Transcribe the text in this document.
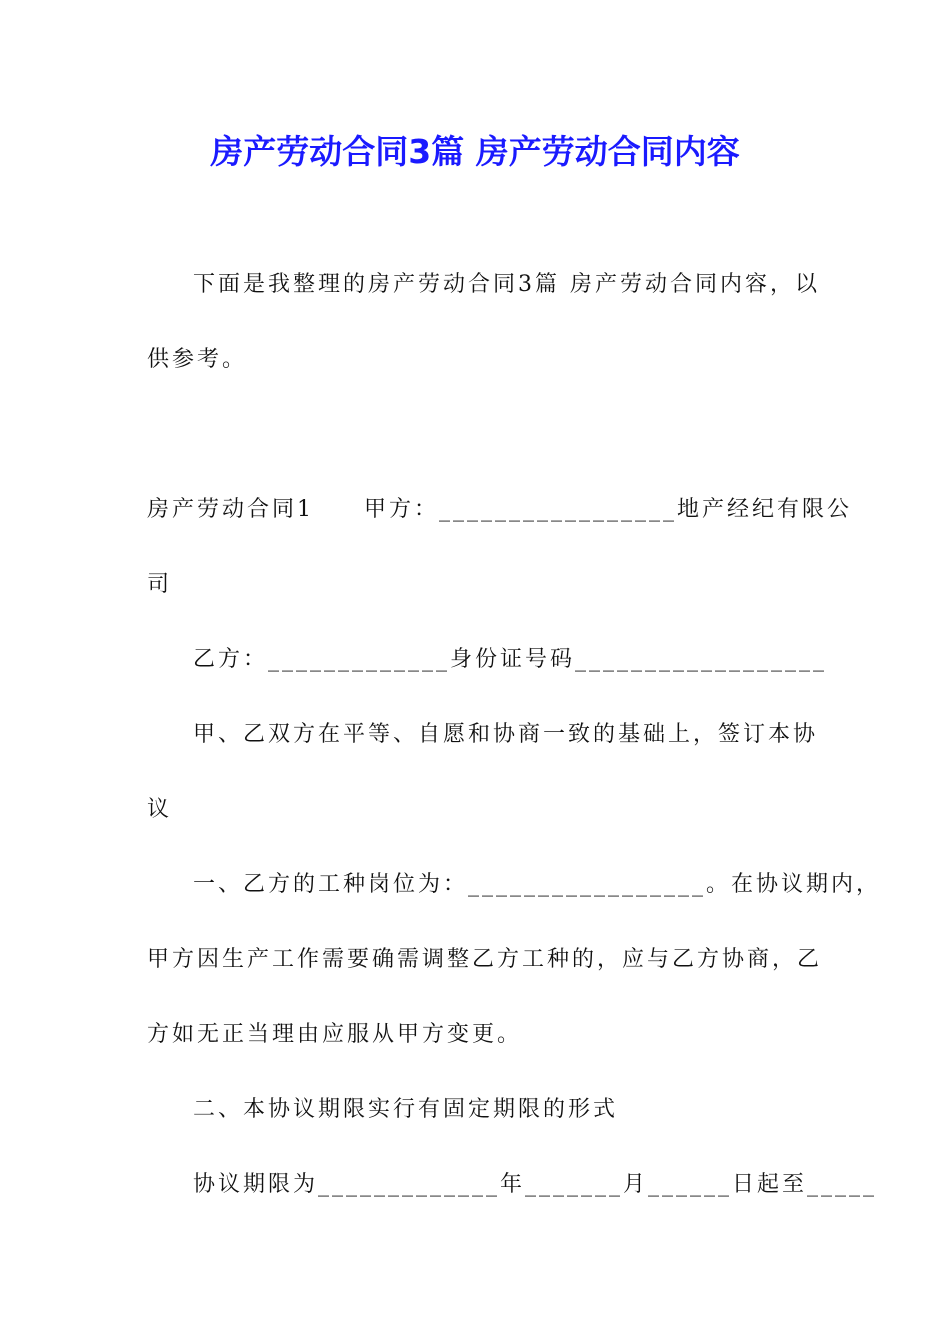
房产劳动合同3篇 房产劳动合同内容
下面是我整理的房产劳动合同3篇 房产劳动合同内容，以
供参考。
房产劳动合同1　　甲方：_________________地产经纪有限公
司
乙方：_____________身份证号码__________________
甲、乙双方在平等、自愿和协商一致的基础上，签订本协
议
一、乙方的工种岗位为：_________________。在协议期内，
甲方因生产工作需要确需调整乙方工种的，应与乙方协商，乙
方如无正当理由应服从甲方变更。
二、本协议期限实行有固定期限的形式
协议期限为_____________年_______月______日起至_____
